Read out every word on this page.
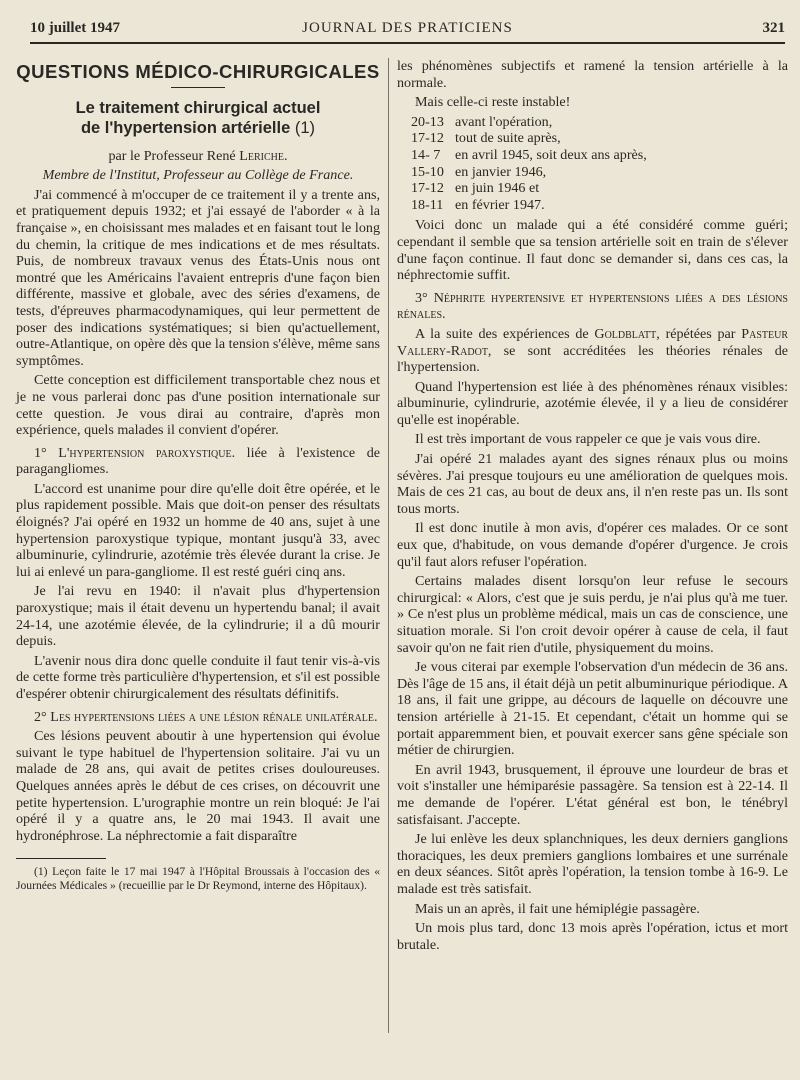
10 juillet 1947	JOURNAL DES PRATICIENS	321
QUESTIONS MÉDICO-CHIRURGICALES
Le traitement chirurgical actuel
de l'hypertension artérielle (1)

par le Professeur René Leriche.

Membre de l'Institut, Professeur au Collège de France.

J'ai commencé à m'occuper de ce traitement il y a trente ans, et pratiquement depuis 1932; et j'ai essayé de l'aborder « à la française », en choisissant mes malades et en faisant tout le long du chemin, la critique de mes indications et de mes résultats. Puis, de nombreux travaux venus des États-Unis nous ont montré que les Américains l'avaient entrepris d'une façon bien différente, massive et globale, avec des séries d'examens, de tests, d'épreuves pharmacodynamiques, qui leur permettent de poser des indications systématiques; si bien qu'actuellement, outre-Atlantique, on opère dès que la tension s'élève, même sans symptômes.

Cette conception est difficilement transportable chez nous et je ne vous parlerai donc pas d'une position internationale sur cette question. Je vous dirai au contraire, d'après mon expérience, quels malades il convient d'opérer.

1° L'hypertension paroxystique. liée à l'existence de paragangliomes.

L'accord est unanime pour dire qu'elle doit être opérée, et le plus rapidement possible. Mais que doit-on penser des résultats éloignés? J'ai opéré en 1932 un homme de 40 ans, sujet à une hypertension paroxystique typique, montant jusqu'à 33, avec albuminurie, cylindrurie, azotémie très élevée durant la crise. Je lui ai enlevé un para-gangliome. Il est resté guéri cinq ans.

Je l'ai revu en 1940: il n'avait plus d'hypertension paroxystique; mais il était devenu un hypertendu banal; il avait 24-14, une azotémie élevée, de la cylindrurie; il a dû mourir depuis.

L'avenir nous dira donc quelle conduite il faut tenir vis-à-vis de cette forme très particulière d'hypertension, et s'il est possible d'espérer obtenir chirurgicalement des résultats définitifs.

2° Les hypertensions liées a une lésion rénale unilatérale.

Ces lésions peuvent aboutir à une hypertension qui évolue suivant le type habituel de l'hypertension solitaire. J'ai vu un malade de 28 ans, qui avait de petites crises douloureuses. Quelques années après le début de ces crises, on découvrit une petite hypertension. L'urographie montre un rein bloqué: Je l'ai opéré il y a quatre ans, le 20 mai 1943. Il avait une hydronéphrose. La néphrectomie a fait disparaître

(1) Leçon faite le 17 mai 1947 à l'Hôpital Broussais à l'occasion des « Journées Médicales » (recueillie par le Dr Reymond, interne des Hôpitaux).

les phénomènes subjectifs et ramené la tension artérielle à la normale.

Mais celle-ci reste instable!

20-13 avant l'opération,
17-12 tout de suite après,
14- 7 en avril 1945, soit deux ans après,
15-10 en janvier 1946,
17-12 en juin 1946 et
18-11 en février 1947.

Voici donc un malade qui a été considéré comme guéri; cependant il semble que sa tension artérielle soit en train de s'élever d'une façon continue. Il faut donc se demander si, dans ces cas, la néphrectomie suffit.

3° Néphrite hypertensive et hypertensions liées a des lésions rénales.

A la suite des expériences de Goldblatt, répétées par Pasteur Vallery-Radot, se sont accréditées les théories rénales de l'hypertension.

Quand l'hypertension est liée à des phénomènes rénaux visibles: albuminurie, cylindrurie, azotémie élevée, il y a lieu de considérer qu'elle est inopérable.

Il est très important de vous rappeler ce que je vais vous dire.

J'ai opéré 21 malades ayant des signes rénaux plus ou moins sévères. J'ai presque toujours eu une amélioration de quelques mois. Mais de ces 21 cas, au bout de deux ans, il n'en reste pas un. Ils sont tous morts.

Il est donc inutile à mon avis, d'opérer ces malades. Or ce sont eux que, d'habitude, on vous demande d'opérer d'urgence. Je crois qu'il faut alors refuser l'opération.

Certains malades disent lorsqu'on leur refuse le secours chirurgical: « Alors, c'est que je suis perdu, je n'ai plus qu'à me tuer. » Ce n'est plus un problème médical, mais un cas de conscience, une situation morale. Si l'on croit devoir opérer à cause de cela, il faut savoir qu'on ne fait rien d'utile, physiquement du moins.

Je vous citerai par exemple l'observation d'un médecin de 36 ans. Dès l'âge de 15 ans, il était déjà un petit albuminurique périodique. A 18 ans, il fait une grippe, au décours de laquelle on découvre une tension artérielle à 21-15. Et cependant, c'était un homme qui se portait apparemment bien, et pouvait exercer sans gêne spéciale son métier de chirurgien.

En avril 1943, brusquement, il éprouve une lourdeur de bras et voit s'installer une hémiparésie passagère. Sa tension est à 22-14. Il me demande de l'opérer. L'état général est bon, le ténébryl satisfaisant. J'accepte.

Je lui enlève les deux splanchniques, les deux derniers ganglions thoraciques, les deux premiers ganglions lombaires et une surrénale en deux séances. Sitôt après l'opération, la tension tombe à 16-9. Le malade est très satisfait.

Mais un an après, il fait une hémiplégie passagère.

Un mois plus tard, donc 13 mois après l'opération, ictus et mort brutale.
